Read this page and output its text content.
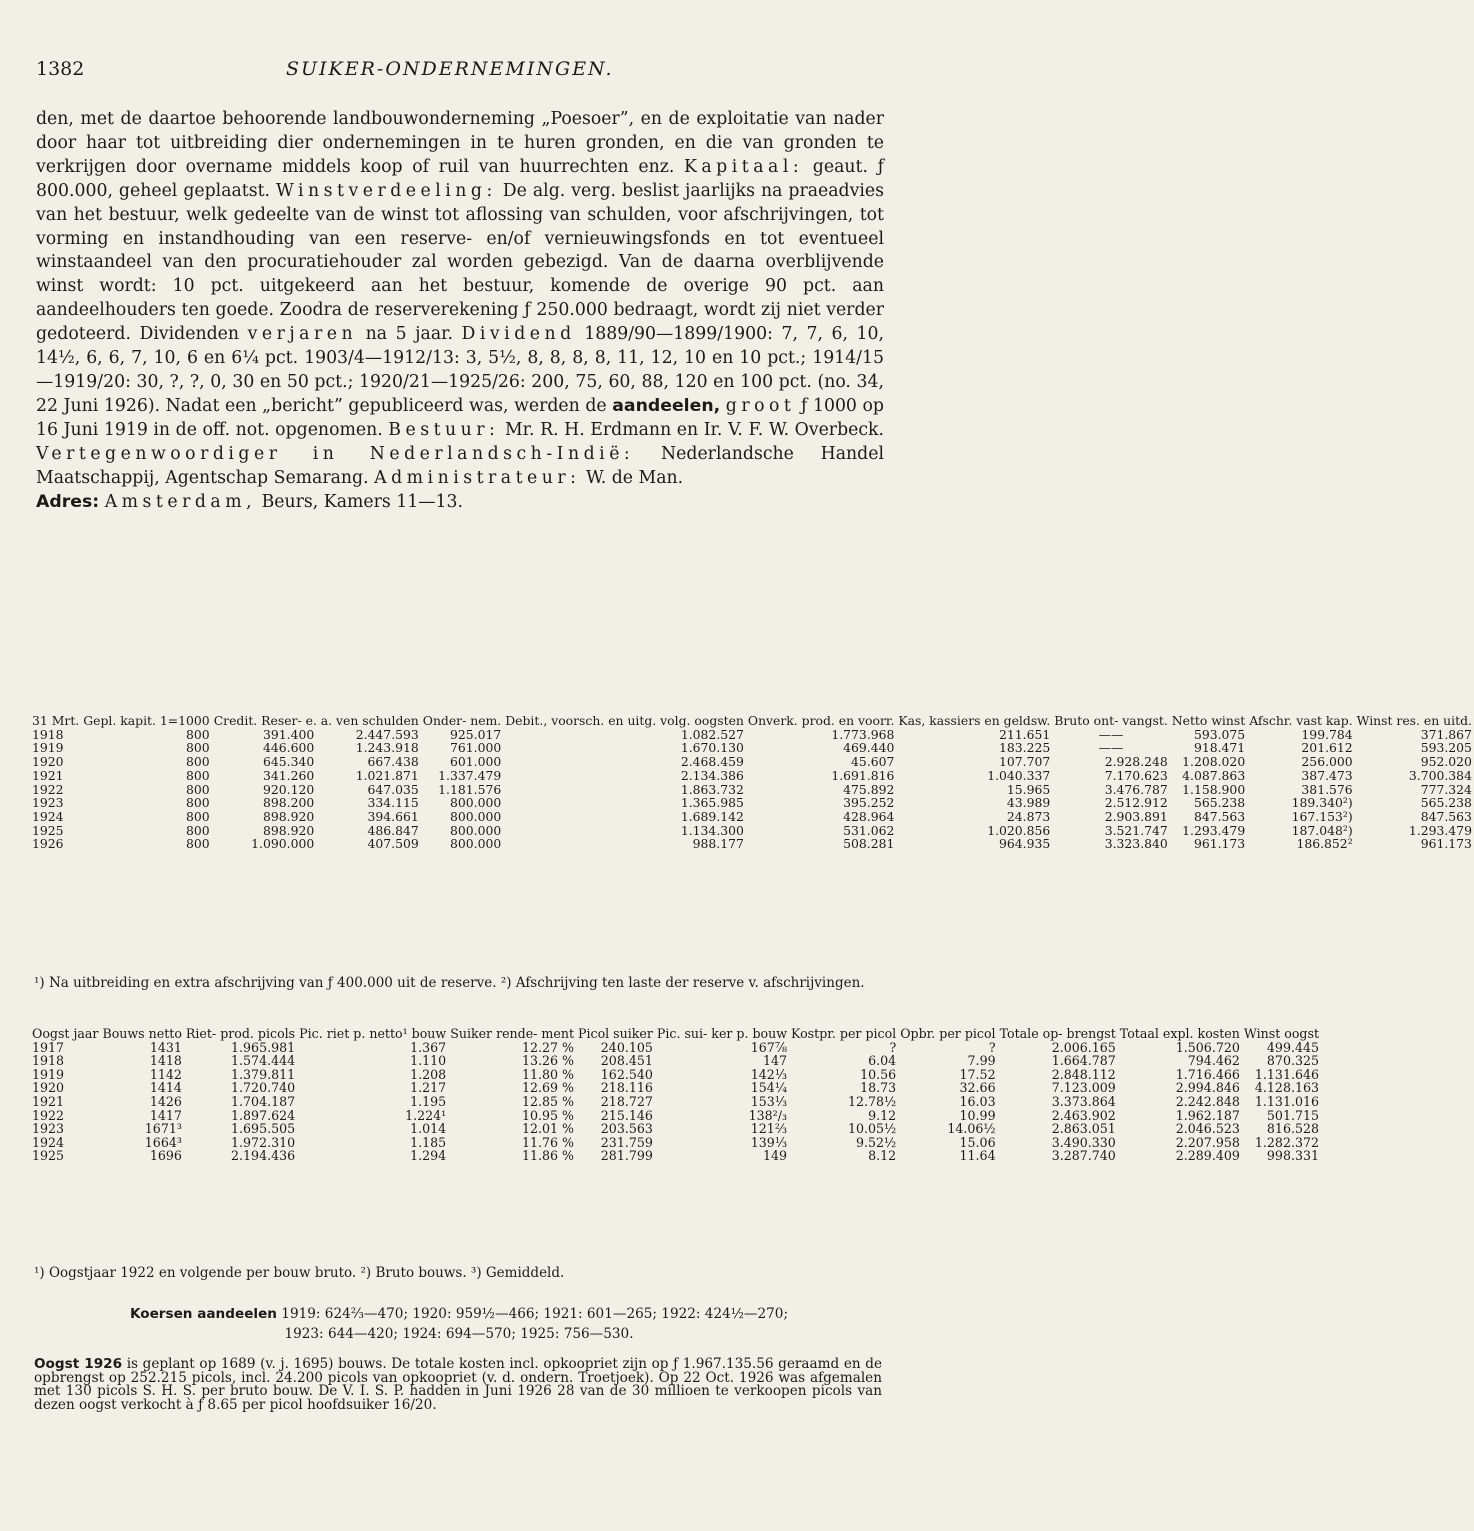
1382	SUIKER-ONDERNEMINGEN.

den, met de daartoe behoorende landbouwonderneming „Poesoer”, en de exploitatie van nader door haar tot uitbreiding dier ondernemingen in te huren gronden, en die van gronden te verkrijgen door overname middels koop of ruil van huurrechten enz. Kapitaal: geaut. ƒ 800.000, geheel geplaatst. Winstverdeeling: De alg. verg. beslist jaarlijks na praeadvies van het bestuur, welk gedeelte van de winst tot aflossing van schulden, voor afschrijvingen, tot vorming en instandhouding van een reserve- en/of vernieuwingsfonds en tot eventueel winstaandeel van den procuratiehouder zal worden gebezigd. Van de daarna overblijvende winst wordt: 10 pct. uitgekeerd aan het bestuur, komende de overige 90 pct. aan aandeelhouders ten goede. Zoodra de reserverekening ƒ 250.000 bedraagt, wordt zij niet verder gedoteerd. Dividenden verjaren na 5 jaar. Dividend 1889/90—1899/1900: 7, 7, 6, 10, 14½, 6, 6, 7, 10, 6 en 6¼ pct. 1903/4—1912/13: 3, 5½, 8, 8, 8, 8, 11, 12, 10 en 10 pct.; 1914/15—1919/20: 30, ?, ?, 0, 30 en 50 pct.; 1920/21—1925/26: 200, 75, 60, 88, 120 en 100 pct. (no. 34, 22 Juni 1926). Nadat een „bericht” gepubliceerd was, werden de aandeelen, groot ƒ 1000 op 16 Juni 1919 in de off. not. opgenomen. Bestuur: Mr. R. H. Erdmann en Ir. V. F. W. Overbeck. Vertegenwoordiger in Nederlandsch-Indië: Nederlandsche Handel Maatschappij, Agentschap Semarang. Administrateur: W. de Man.
Adres: Amsterdam, Beurs, Kamers 11—13.

31 Mrt.	Gepl. kapit. 1=1000	Credit. Reser- e. a. ven schulden		Onder- nem.	Debit., voorsch. en uitg. volg. oogsten	Onverk. prod. en voorr.	Kas, kassiers en geldsw.	Bruto ont- vangst.	Netto winst	Afschr. vast kap.	Winst res. en uitd.
1918	800	391.400	2.447.593	925.017	1.082.527	1.773.968	211.651	——	593.075	199.784	371.867
1919	800	446.600	1.243.918	761.000	1.670.130	469.440	183.225	——	918.471	201.612	593.205
1920	800	645.340	667.438	601.000	2.468.459	45.607	107.707	2.928.248	1.208.020	256.000	952.020
1921	800	341.260	1.021.871	1.337.479	2.134.386	1.691.816	1.040.337	7.170.623	4.087.863	387.473	3.700.384
1922	800	920.120	647.035	1.181.576	1.863.732	475.892	15.965	3.476.787	1.158.900	381.576	777.324
1923	800	898.200	334.115	800.000	1.365.985	395.252	43.989	2.512.912	565.238	189.340²)	565.238
1924	800	898.920	394.661	800.000	1.689.142	428.964	24.873	2.903.891	847.563	167.153²)	847.563
1925	800	898.920	486.847	800.000	1.134.300	531.062	1.020.856	3.521.747	1.293.479	187.048²)	1.293.479
1926	800	1.090.000	407.509	800.000	988.177	508.281	964.935	3.323.840	961.173	186.852²	961.173
¹) Na uitbreiding en extra afschrijving van ƒ 400.000 uit de reserve. ²) Afschrijving ten laste der reserve v. afschrijvingen.
Oogst jaar	Bouws netto	Riet- prod. picols	Pic. riet p. netto¹ bouw	Suiker rende- ment	Picol suiker	Pic. sui- ker p. bouw	Kostpr. per picol	Opbr. per picol	Totale op- brengst	Totaal expl. kosten	Winst oogst
1917	1431	1.965.981	1.367	12.27 %	240.105	167⅞	?	?	2.006.165	1.506.720	499.445
1918	1418	1.574.444	1.110	13.26 %	208.451	147	6.04	7.99	1.664.787	794.462	870.325
1919	1142	1.379.811	1.208	11.80 %	162.540	142⅓	10.56	17.52	2.848.112	1.716.466	1.131.646
1920	1414	1.720.740	1.217	12.69 %	218.116	154¼	18.73	32.66	7.123.009	2.994.846	4.128.163
1921	1426	1.704.187	1.195	12.85 %	218.727	153⅓	12.78½	16.03	3.373.864	2.242.848	1.131.016
1922	1417	1.897.624	1.224¹	10.95 %	215.146	138²/₃	9.12	10.99	2.463.902	1.962.187	501.715
1923	1671³	1.695.505	1.014	12.01 %	203.563	121⅔	10.05½	14.06½	2.863.051	2.046.523	816.528
1924	1664³	1.972.310	1.185	11.76 %	231.759	139⅓	9.52½	15.06	3.490.330	2.207.958	1.282.372
1925	1696	2.194.436	1.294	11.86 %	281.799	149	8.12	11.64	3.287.740	2.289.409	998.331
¹) Oogstjaar 1922 en volgende per bouw bruto. ²) Bruto bouws. ³) Gemiddeld.
Koersen aandeelen 1919: 624⅔—470; 1920: 959½—466; 1921: 601—265; 1922: 424½—270;
1923: 644—420; 1924: 694—570; 1925: 756—530.
Oogst 1926 is geplant op 1689 (v. j. 1695) bouws. De totale kosten incl. opkoopriet zijn op ƒ 1.967.135.56 geraamd en de opbrengst op 252.215 picols, incl. 24.200 picols van opkoopriet (v. d. ondern. Troetjoek). Op 22 Oct. 1926 was afgemalen met 130 picols S. H. S. per bruto bouw. De V. I. S. P. hadden in Juni 1926 28 van de 30 millioen te verkoopen picols van dezen oogst verkocht à ƒ 8.65 per picol hoofdsuiker 16/20.
